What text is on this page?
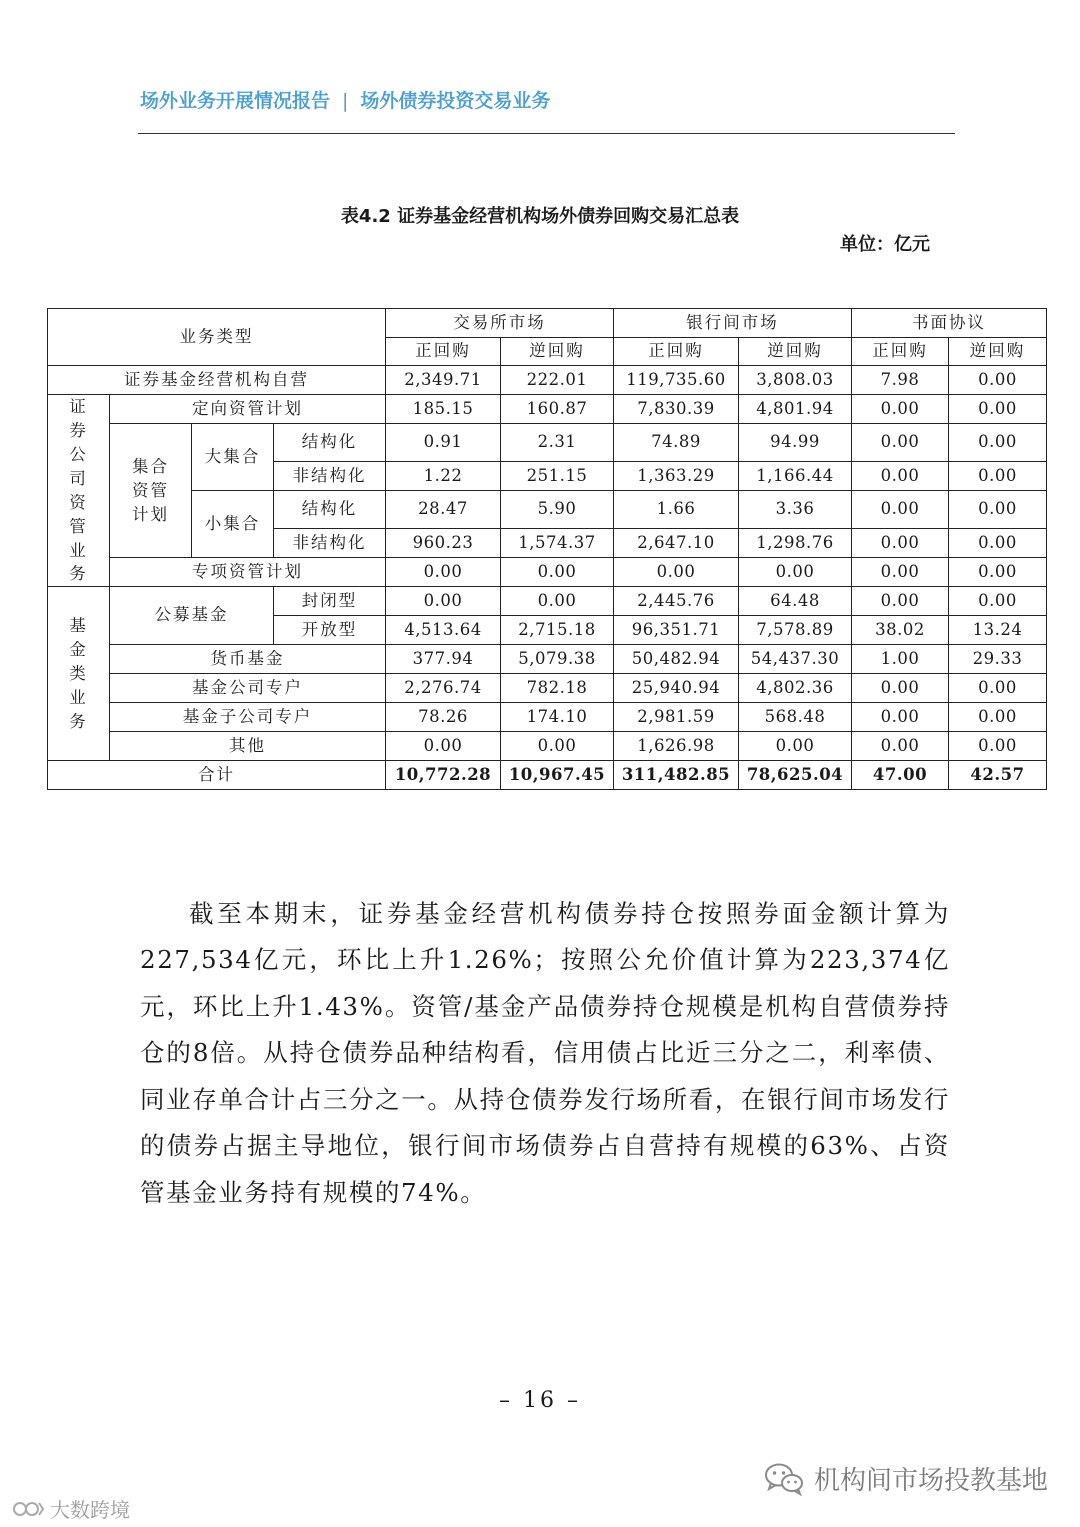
场外业务开展情况报告 | 场外债券投资交易业务
表4.2 证券基金经营机构场外债券回购交易汇总表
单位：亿元
业务类型				交易所市场		银行间市场		书面协议	
				正回购	逆回购	正回购	逆回购	正回购	逆回购
证券基金经营机构自营				2,349.71	222.01	119,735.60	3,808.03	7.98	0.00

证券公司资管业务	定向资管计划			185.15	160.87	7,830.39	4,801.94	0.00	0.00

	集合资管计划	大集合	结构化	0.91	2.31	74.89	94.99	0.00	0.00
			非结构化	1.22	251.15	1,363.29	1,166.44	0.00	0.00
		小集合	结构化	28.47	5.90	1.66	3.36	0.00	0.00
			非结构化	960.23	1,574.37	2,647.10	1,298.76	0.00	0.00
	专项资管计划			0.00	0.00	0.00	0.00	0.00	0.00

基金类业务	公募基金		封闭型	0.00	0.00	2,445.76	64.48	0.00	0.00
			开放型	4,513.64	2,715.18	96,351.71	7,578.89	38.02	13.24
	货币基金			377.94	5,079.38	50,482.94	54,437.30	1.00	29.33
	基金公司专户			2,276.74	782.18	25,940.94	4,802.36	0.00	0.00
	基金子公司专户			78.26	174.10	2,981.59	568.48	0.00	0.00
	其他			0.00	0.00	1,626.98	0.00	0.00	0.00
合计				10,772.28	10,967.45	311,482.85	78,625.04	47.00	42.57

截至本期末，证券基金经营机构债券持仓按照券面金额计算为227,534亿元，环比上升1.26%；按照公允价值计算为223,374亿元，环比上升1.43%。资管/基金产品债券持仓规模是机构自营债券持仓的8倍。从持仓债券品种结构看，信用债占比近三分之二，利率债、同业存单合计占三分之一。从持仓债券发行场所看，在银行间市场发行的债券占据主导地位，银行间市场债券占自营持有规模的63%、占资管基金业务持有规模的74%。

– 16 –
机构间市场投教基地
大数跨境
